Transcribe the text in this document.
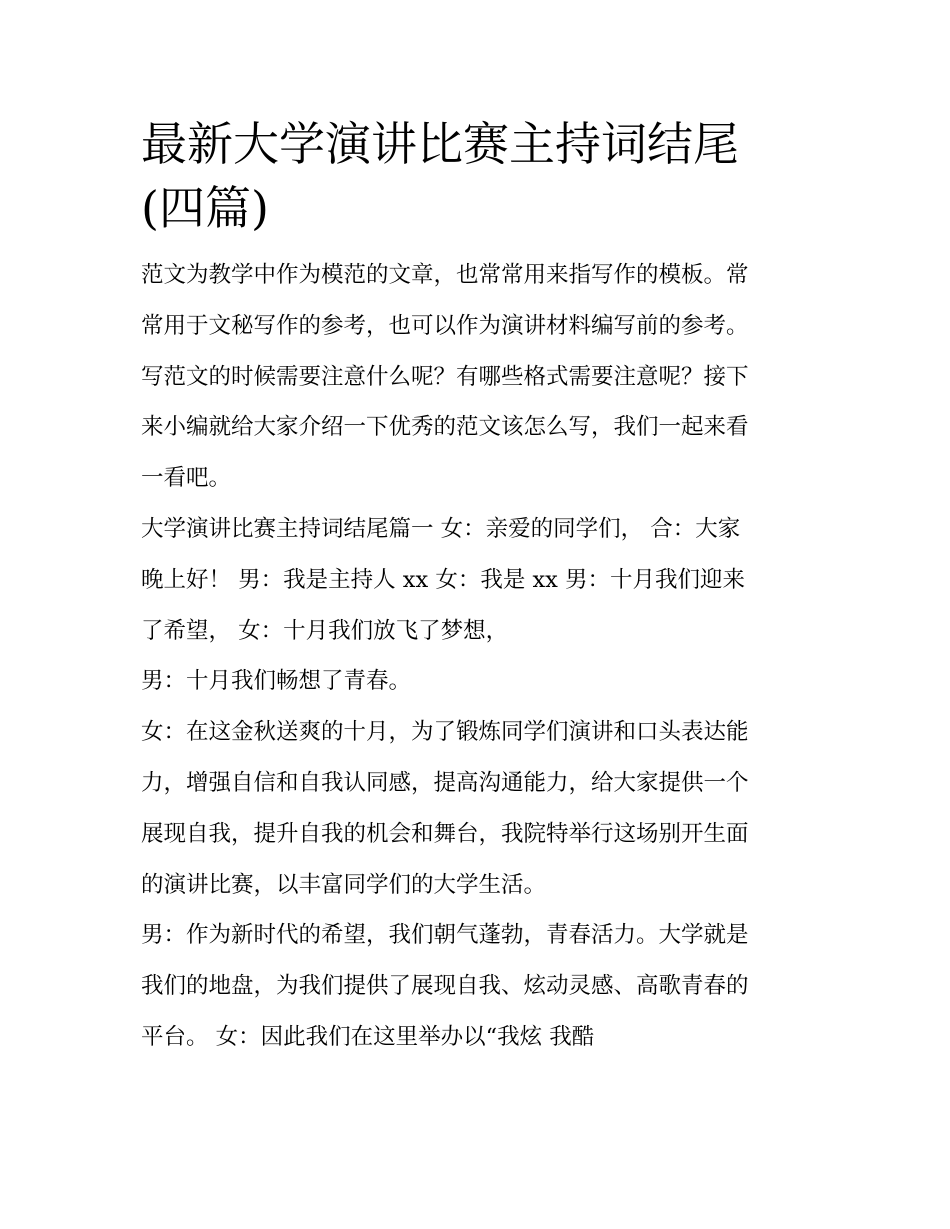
最新大学演讲比赛主持词结尾
(四篇)
范文为教学中作为模范的文章，也常常用来指写作的模板。常
常用于文秘写作的参考，也可以作为演讲材料编写前的参考。
写范文的时候需要注意什么呢？有哪些格式需要注意呢？接下
来小编就给大家介绍一下优秀的范文该怎么写，我们一起来看
一看吧。
大学演讲比赛主持词结尾篇一 女：亲爱的同学们， 合：大家
晚上好！ 男：我是主持人 xx 女：我是 xx 男：十月我们迎来
了希望， 女：十月我们放飞了梦想，
男：十月我们畅想了青春。
女：在这金秋送爽的十月，为了锻炼同学们演讲和口头表达能
力，增强自信和自我认同感，提高沟通能力，给大家提供一个
展现自我，提升自我的机会和舞台，我院特举行这场别开生面
的演讲比赛，以丰富同学们的大学生活。
男：作为新时代的希望，我们朝气蓬勃，青春活力。大学就是
我们的地盘，为我们提供了展现自我、炫动灵感、高歌青春的
平台。 女：因此我们在这里举办以“我炫 我酷
